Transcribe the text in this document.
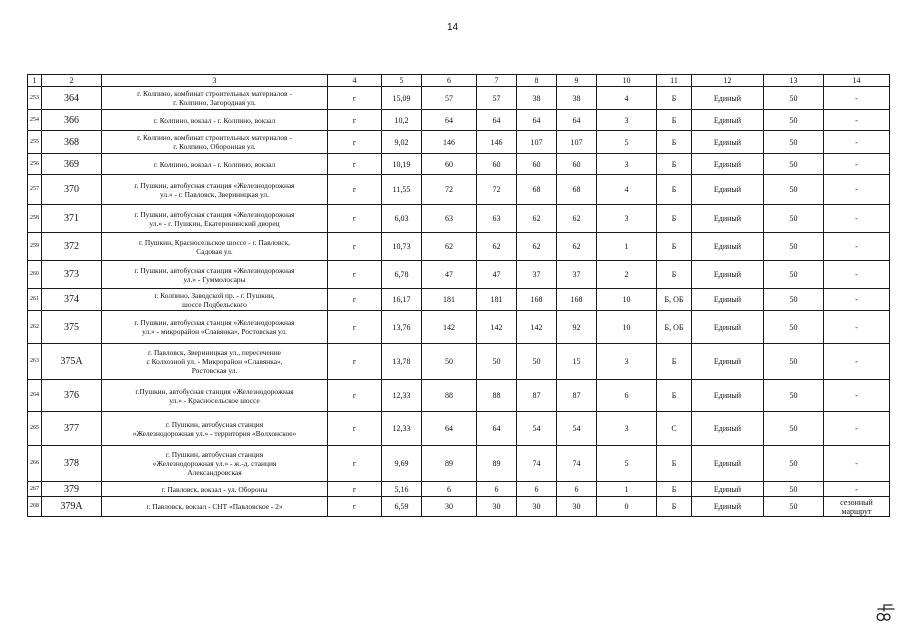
14
1	2	3	4	5	6	7	8	9	10	11	12	13	14
253	364	г. Колпино, комбинат строительных материалов -
г. Колпино, Загородная ул.	г	15,09	57	57	38	38	4	Б	Единый	50	-
254	366	г. Колпино, вокзал - г. Колпино, вокзал	г	10,2	64	64	64	64	3	Б	Единый	50	-
255	368	г. Колпино, комбинат строительных материалов -
г. Колпино, Оборонная ул.	г	9,02	146	146	107	107	5	Б	Единый	50	-
256	369	г. Колпино, вокзал - г. Колпино, вокзал	г	10,19	60	60	60	60	3	Б	Единый	50	-
257	370	г. Пушкин, автобусная станция «Железнодорожная
ул.» - г. Павловск, Звериницкая ул.	г	11,55	72	72	68	68	4	Б	Единый	50	-
258	371	г. Пушкин, автобусная станция «Железнодорожная
ул.» - г. Пушкин, Екатерининский дворец	г	6,03	63	63	62	62	3	Б	Единый	50	-
259	372	г. Пушкин, Красносельское шоссе - г. Павловск,
Садовая ул.	г	10,73	62	62	62	62	1	Б	Единый	50	-
260	373	г. Пушкин, автобусная станция «Железнодорожная
ул.» - Гуммолосары	г	6,78	47	47	37	37	2	Б	Единый	50	-
261	374	г. Колпино, Заводской пр. - г. Пушкин,
шоссе Подбельского	г	16,17	181	181	168	168	10	Б, ОБ	Единый	50	-
262	375	г. Пушкин, автобусная станция «Железнодорожная
ул.» - микрорайон «Славянка», Ростовская ул.	г	13,76	142	142	142	92	10	Б, ОБ	Единый	50	-
263	375А	г. Павловск, Звериницкая ул., пересечение
с Колхозной ул. - Микрорайон «Славянка»,
Ростовская ул.	г	13,78	50	50	50	15	3	Б	Единый	50	-
264	376	г.Пушкин, автобусная станция «Железнодорожная
ул.» - Красносельское шоссе	г	12,33	88	88	87	87	6	Б	Единый	50	-
265	377	г. Пушкин, автобусная станция
«Железнодорожная ул.» - территория «Волхонское»	г	12,33	64	64	54	54	3	С	Единый	50	-
266	378	г. Пушкин, автобусная станция
«Железнодорожная ул.» - ж.-д. станция
Александровская	г	9,69	89	89	74	74	5	Б	Единый	50	-
267	379	г. Павловск, вокзал - ул. Обороны	г	5,16	6	6	6	6	1	Б	Единый	50	-
268	379А	г. Павловск, вокзал - СНТ «Павловское - 2»	г	6,59	30	30	30	30	0	Б	Единый	50	сезонный маршрут
